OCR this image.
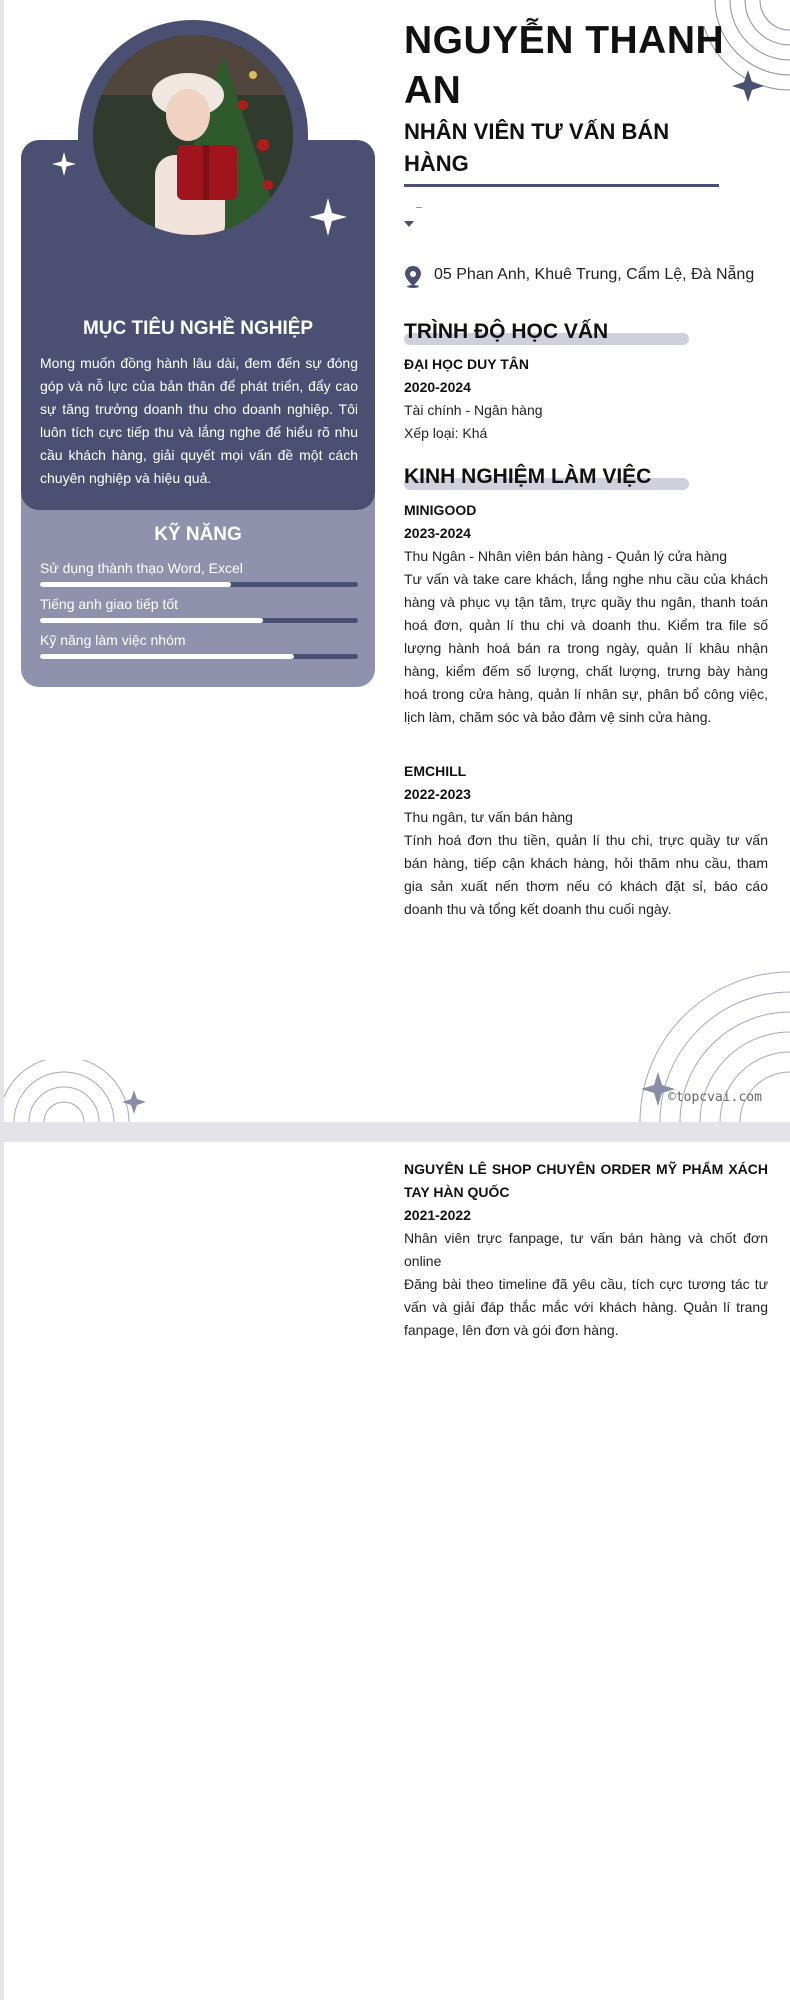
MỤC TIÊU NGHỀ NGHIỆP
Mong muốn đồng hành lâu dài, đem đến sự đóng góp và nỗ lực của bản thân để phát triển, đẩy cao sự tăng trưởng doanh thu cho doanh nghiệp. Tôi luôn tích cực tiếp thu và lắng nghe để hiểu rõ nhu cầu khách hàng, giải quyết mọi vấn đề một cách chuyên nghiệp và hiệu quả.
KỸ NĂNG
Sử dụng thành thạo Word, Excel
Tiếng anh giao tiếp tốt
Kỹ năng làm việc nhóm
NGUYỄN THANH AN
NHÂN VIÊN TƯ VẤN BÁN HÀNG
05 Phan Anh, Khuê Trung, Cẩm Lệ, Đà Nẵng
TRÌNH ĐỘ HỌC VẤN
ĐẠI HỌC DUY TÂN
2020-2024
Tài chính - Ngân hàng
Xếp loại: Khá
KINH NGHIỆM LÀM VIỆC
MINIGOOD
2023-2024
Thu Ngân - Nhân viên bán hàng - Quản lý cửa hàng
Tư vấn và take care khách, lắng nghe nhu cầu của khách hàng và phục vụ tận tâm, trực quầy thu ngân, thanh toán hoá đơn, quản lí thu chi và doanh thu. Kiểm tra file số lượng hành hoá bán ra trong ngày, quản lí khâu nhận hàng, kiểm đếm số lượng, chất lượng, trưng bày hàng hoá trong cửa hàng, quản lí nhân sự, phân bổ công việc, lịch làm, chăm sóc và bảo đảm vệ sinh cửa hàng.
EMCHILL
2022-2023
Thu ngân, tư vấn bán hàng
Tính hoá đơn thu tiền, quản lí thu chi, trực quầy tư vấn bán hàng, tiếp cận khách hàng, hỏi thăm nhu cầu, tham gia sản xuất nến thơm nếu có khách đặt sỉ, báo cáo doanh thu và tổng kết doanh thu cuối ngày.
©topcvai.com
NGUYÊN LÊ SHOP CHUYÊN ORDER MỸ PHẨM XÁCH TAY HÀN QUỐC
2021-2022
Nhân viên trực fanpage, tư vấn bán hàng và chốt đơn online
Đăng bài theo timeline đã yêu cầu, tích cực tương tác tư vấn và giải đáp thắc mắc với khách hàng. Quản lí trang fanpage, lên đơn và gói đơn hàng.
